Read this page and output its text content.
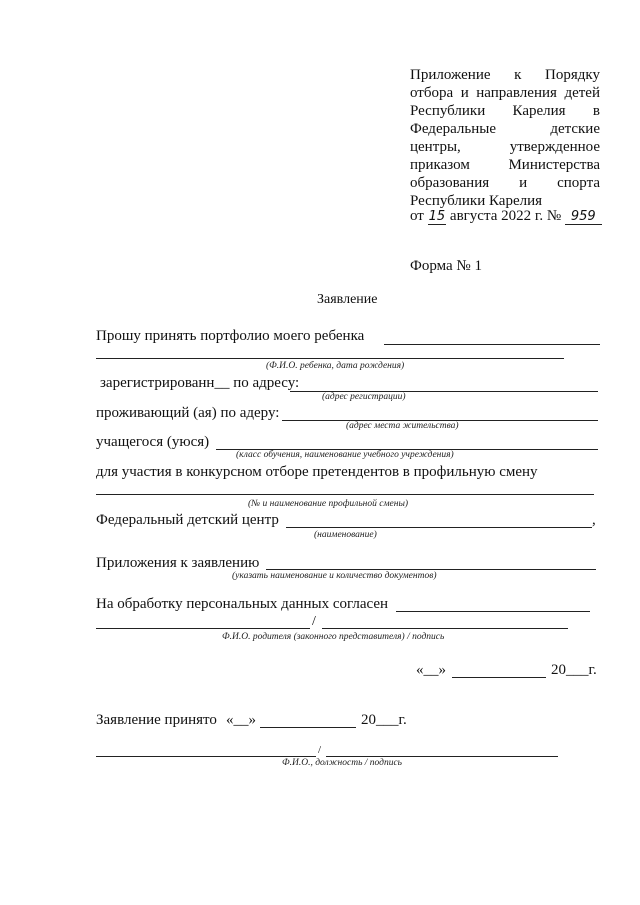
Приложение к Порядку
отбора и направления детей
Республики Карелия в
Федеральные	детские
центры,	утвержденное
приказом	Министерства
образования и спорта
Республики Карелия
от 15 августа 2022 г. № 959
Форма № 1
Заявление
Прошу принять портфолио моего ребенка
(Ф.И.О. ребенка, дата рождения)
зарегистрированн__ по адресу:
(адрес регистрации)
проживающий (ая) по адеру:
(адрес места жительства)
учащегося (уюся)
(класс обучения, наименование учебного учреждения)
для участия в конкурсном отборе претендентов в профильную смену
(№ и наименование профильной смены)
Федеральный детский центр	,
(наименование)
Приложения к заявлению
(указать наименование и количество документов)
На обработку персональных данных согласен
/
Ф.И.О. родителя (законного представителя) / подпись
«__»	20___г.
Заявление принято «__»	20___г.
/
Ф.И.О., должность / подпись
